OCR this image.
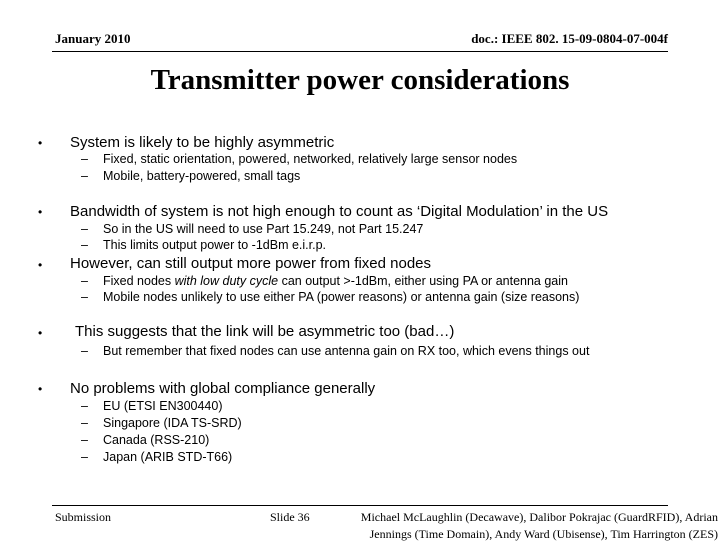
January 2010	doc.: IEEE 802. 15-09-0804-07-004f
Transmitter power considerations
• System is likely to be highly asymmetric
– Fixed, static orientation, powered, networked, relatively large sensor nodes
– Mobile, battery-powered, small tags
• Bandwidth of system is not high enough to count as ‘Digital Modulation’ in the US
– So in the US will need to use Part 15.249, not Part 15.247
– This limits output power to -1dBm e.i.r.p.
• However, can still output more power from fixed nodes
– Fixed nodes with low duty cycle can output >-1dBm, either using PA or antenna gain
– Mobile nodes unlikely to use either PA (power reasons) or antenna gain (size reasons)
• This suggests that the link will be asymmetric too (bad…)
– But remember that fixed nodes can use antenna gain on RX too, which evens things out
• No problems with global compliance generally
– EU (ETSI EN300440)
– Singapore (IDA TS-SRD)
– Canada (RSS-210)
– Japan (ARIB STD-T66)
Submission	Slide 36	Michael McLaughlin (Decawave), Dalibor Pokrajac (GuardRFID), Adrian
Jennings (Time Domain), Andy Ward (Ubisense), Tim Harrington (ZES)
